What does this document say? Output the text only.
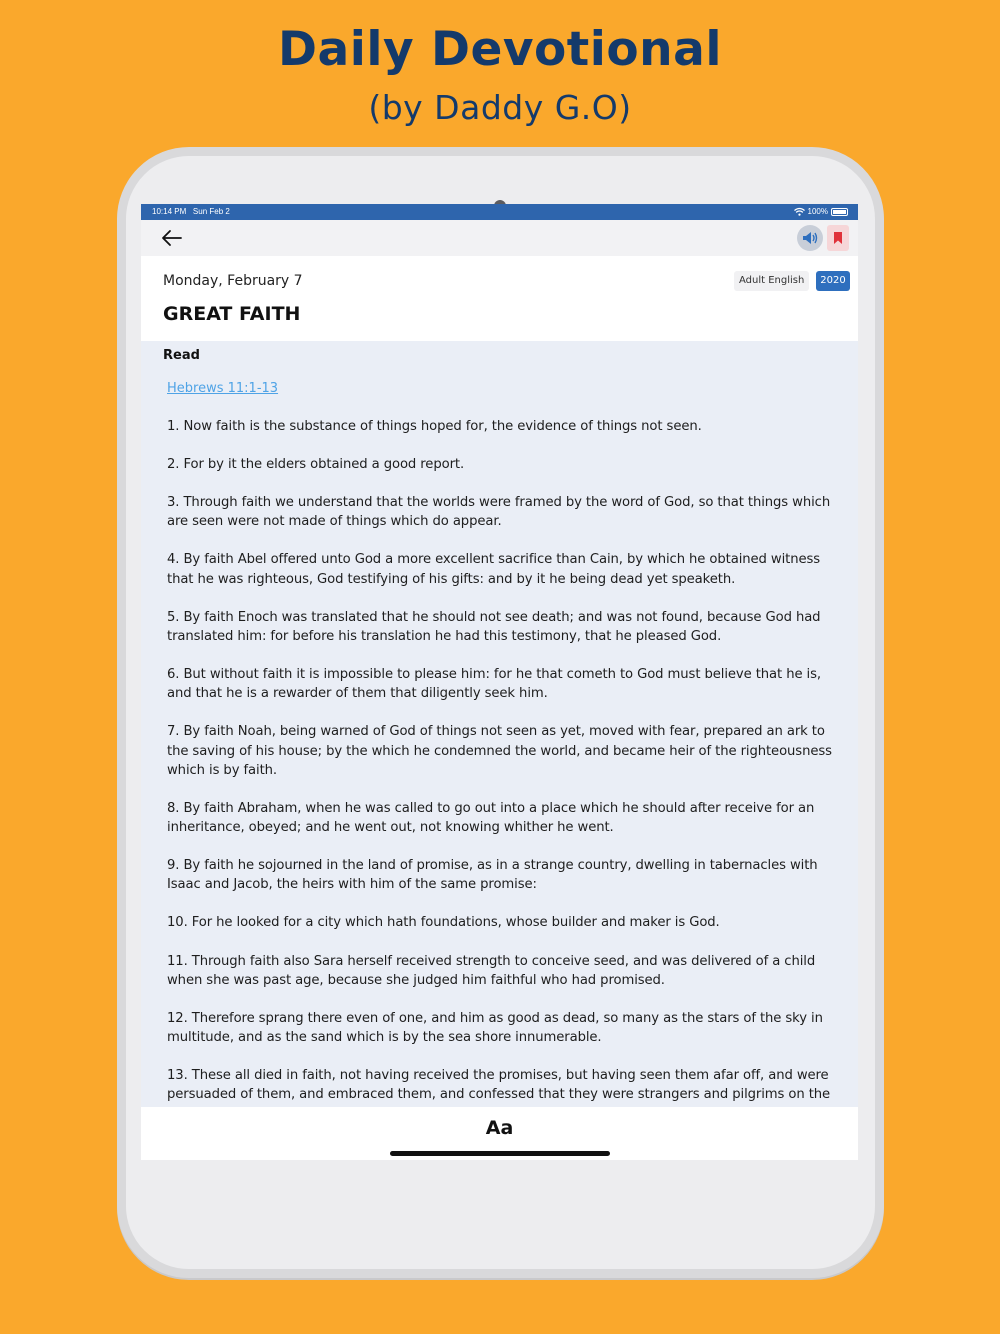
Daily Devotional
(by Daddy G.O)
10:14 PM Sun Feb 2	100%
Monday, February 7
GREAT FAITH
Adult English	2020
Read
Hebrews 11:1-13

1. Now faith is the substance of things hoped for, the evidence of things not seen.

2. For by it the elders obtained a good report.

3. Through faith we understand that the worlds were framed by the word of God, so that things which are seen were not made of things which do appear.

4. By faith Abel offered unto God a more excellent sacrifice than Cain, by which he obtained witness that he was righteous, God testifying of his gifts: and by it he being dead yet speaketh.

5. By faith Enoch was translated that he should not see death; and was not found, because God had translated him: for before his translation he had this testimony, that he pleased God.

6. But without faith it is impossible to please him: for he that cometh to God must believe that he is, and that he is a rewarder of them that diligently seek him.

7. By faith Noah, being warned of God of things not seen as yet, moved with fear, prepared an ark to the saving of his house; by the which he condemned the world, and became heir of the righteousness which is by faith.

8. By faith Abraham, when he was called to go out into a place which he should after receive for an inheritance, obeyed; and he went out, not knowing whither he went.

9. By faith he sojourned in the land of promise, as in a strange country, dwelling in tabernacles with Isaac and Jacob, the heirs with him of the same promise:

10. For he looked for a city which hath foundations, whose builder and maker is God.

11. Through faith also Sara herself received strength to conceive seed, and was delivered of a child when she was past age, because she judged him faithful who had promised.

12. Therefore sprang there even of one, and him as good as dead, so many as the stars of the sky in multitude, and as the sand which is by the sea shore innumerable.

13. These all died in faith, not having received the promises, but having seen them afar off, and were persuaded of them, and embraced them, and confessed that they were strangers and pilgrims on the

Aa
